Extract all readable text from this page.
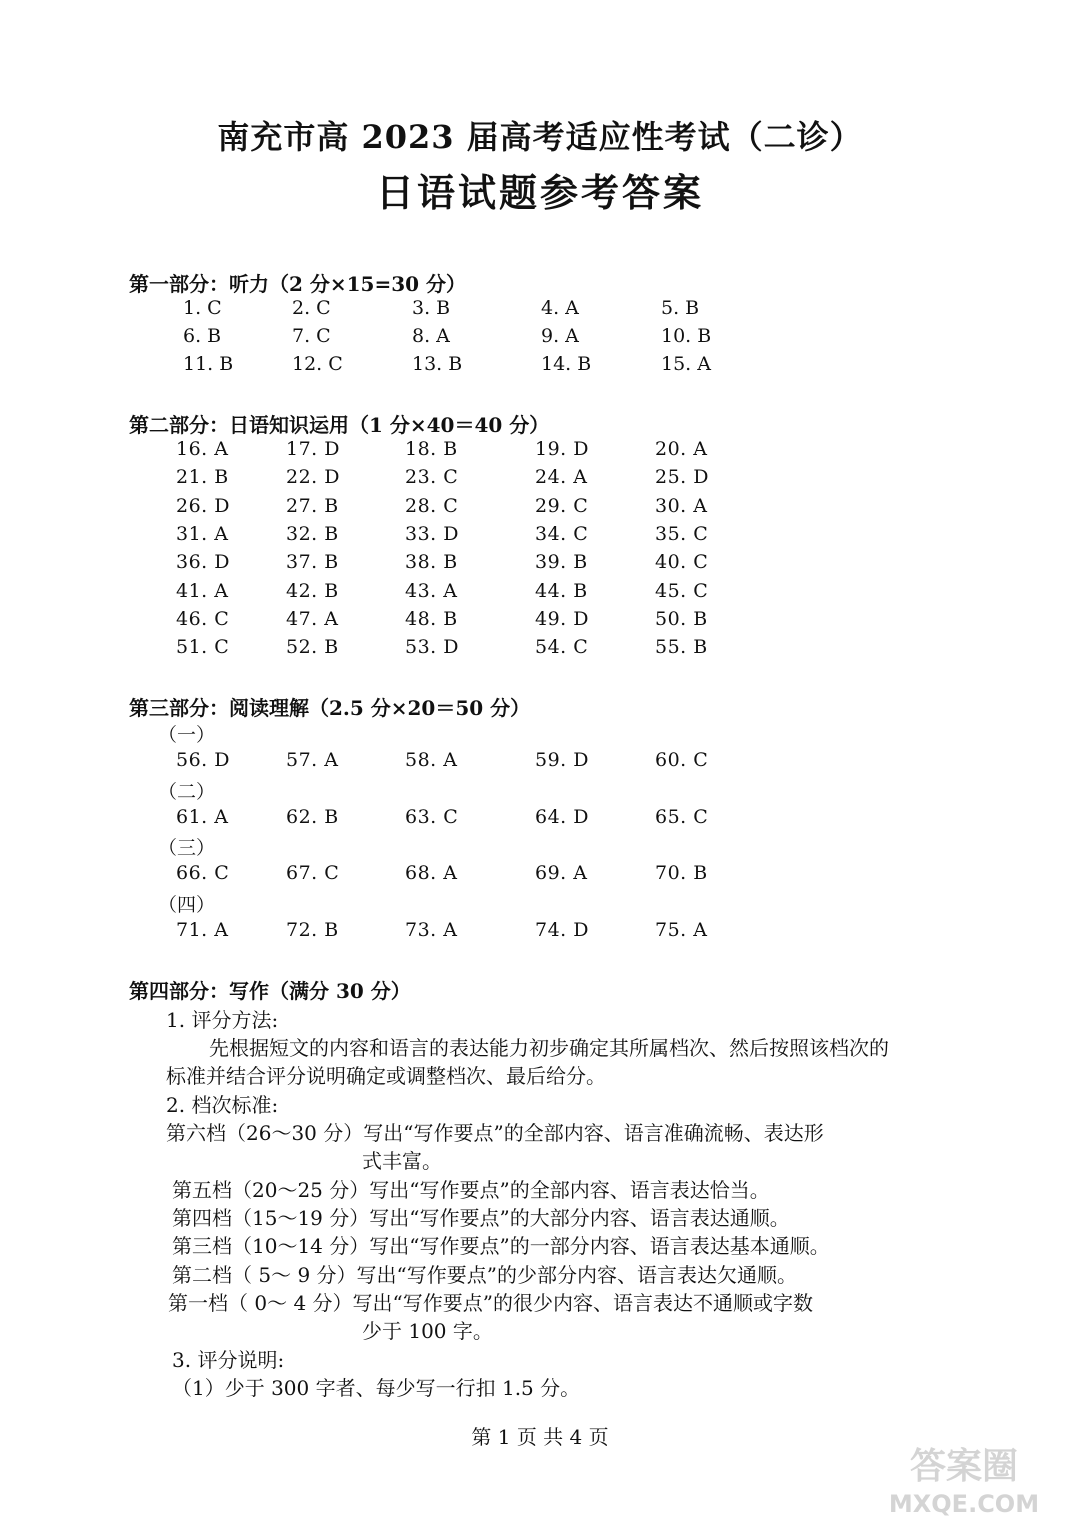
南充市高 2023 届高考适应性考试（二诊）
日语试题参考答案
第一部分：听力（2 分×15=30 分）
1. C	2. C	3. B	4. A	5. B
6. B	7. C	8. A	9. A	10. B
11. B	12. C	13. B	14. B	15. A
第二部分：日语知识运用（1 分×40＝40 分）
16. A	17. D	18. B	19. D	20. A
21. B	22. D	23. C	24. A	25. D
26. D	27. B	28. C	29. C	30. A
31. A	32. B	33. D	34. C	35. C
36. D	37. B	38. B	39. B	40. C
41. A	42. B	43. A	44. B	45. C
46. C	47. A	48. B	49. D	50. B
51. C	52. B	53. D	54. C	55. B
第三部分：阅读理解（2.5 分×20＝50 分）
（一）
56. D	57. A	58. A	59. D	60. C
（二）
61. A	62. B	63. C	64. D	65. C
（三）
66. C	67. C	68. A	69. A	70. B
（四）
71. A	72. B	73. A	74. D	75. A
第四部分：写作（满分 30 分）
1. 评分方法:
先根据短文的内容和语言的表达能力初步确定其所属档次、然后按照该档次的
标准并结合评分说明确定或调整档次、最后给分。
2. 档次标准:
第六档（26～30 分）写出“写作要点”的全部内容、语言准确流畅、表达形
式丰富。
第五档（20～25 分）写出“写作要点”的全部内容、语言表达恰当。
第四档（15～19 分）写出“写作要点”的大部分内容、语言表达通顺。
第三档（10～14 分）写出“写作要点”的一部分内容、语言表达基本通顺。
第二档（ 5～ 9 分）写出“写作要点”的少部分内容、语言表达欠通顺。
第一档（ 0～ 4 分）写出“写作要点”的很少内容、语言表达不通顺或字数
少于 100 字。
3. 评分说明:
（1）少于 300 字者、每少写一行扣 1.5 分。
第 1 页 共 4 页
答案圈
MXQE.COM
